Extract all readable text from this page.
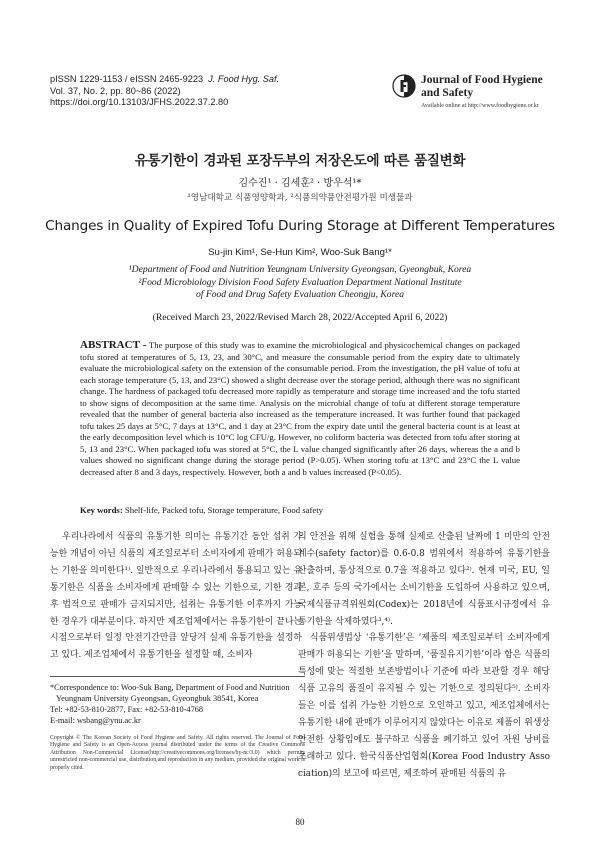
pISSN 1229-1153 / eISSN 2465-9223 J. Food Hyg. Saf.
Vol. 37, No. 2, pp. 80~86 (2022)
https://doi.org/10.13103/JFHS.2022.37.2.80
Journal of Food Hygiene
and Safety
Available online at http://www.foodhygiene.or.kr
유통기한이 경과된 포장두부의 저장온도에 따른 품질변화
김수진¹ · 김세훈² · 방우석¹*
¹영남대학교 식품영양학과, ²식품의약품안전평가원 미생물과
Changes in Quality of Expired Tofu During Storage at Different Temperatures
Su-jin Kim¹, Se-Hun Kim², Woo-Suk Bang¹*
¹Department of Food and Nutrition Yeungnam University Gyeongsan, Gyeongbuk, Korea
²Food Microbiology Division Food Safety Evaluation Department National Institute
of Food and Drug Safety Evaluation Cheongju, Korea
(Received March 23, 2022/Revised March 28, 2022/Accepted April 6, 2022)
ABSTRACT - The purpose of this study was to examine the microbiological and physicochemical changes on packaged tofu stored at temperatures of 5, 13, 23, and 30°C, and measure the consumable period from the expiry date to ultimately evaluate the microbiological safety on the extension of the consumable period. From the investigation, the pH value of tofu at each storage temperature (5, 13, and 23°C) showed a slight decrease over the storage period, although there was no significant change. The hardness of packaged tofu decreased more rapidly as temperature and storage time increased and the tofu started to show signs of decomposition at the same time. Analysis on the microbial change of tofu at different storage temperature revealed that the number of general bacteria also increased as the temperature increased. It was further found that packaged tofu takes 25 days at 5°C, 7 days at 13°C, and 1 day at 23°C from the expiry date until the general bacteria count is at least at the early decomposition level which is 10°C log CFU/g. However, no coliform bacteria was detected from tofu after storing at 5, 13 and 23°C. When packaged tofu was stored at 5°C, the L value changed significantly after 26 days, whereas the a and b values showed no significant change during the storage period (P>0.05). When storing tofu at 13°C and 23°C the L value decreased after 8 and 3 days, respectively. However, both a and b values increased (P<0.05).
Key words: Shelf-life, Packed tofu, Storage temperature, Food safety

우리나라에서 식품의 유통기한 의미는 유통기간 동안 섭취 가능한 개념이 아닌 식품의 제조일로부터 소비자에게 판매가 허용되는 기한을 의미한다¹⁾. 일반적으로 우리나라에서 통용되고 있는 유통기한은 식품을 소비자에게 판매할 수 있는 기한으로, 기한 경과 후 법적으로 판매가 금지되지만, 섭취는 유통기한 이후까지 가능한 경우가 대부분이다. 하지만 제조업체에서는 유통기한이 끝나는 시점으로부터 일정 안전기간만큼 앞당겨 실제 유통기한을 설정하고 있다. 제조업체에서 유통기한을 설정할 때, 소비자

의 안전을 위해 실험을 통해 실제로 산출된 날짜에 1 미만의 안전계수(safety factor)를 0.6-0.8 범위에서 적용하여 유통기한을 산출하며, 통상적으로 0.7을 적용하고 있다²⁾. 현재 미국, EU, 일본, 호주 등의 국가에서는 소비기한을 도입하여 사용하고 있으며, 국제식품규격위원회(Codex)는 2018년에 식품표시규정에서 유통기한을 삭제하였다³,⁴⁾.

식품위생법상 ‘유통기한’은 ‘제품의 제조일로부터 소비자에게 판매가 허용되는 기한’을 말하며, ‘품질유지기한’이라 함은 식품의 특성에 맞는 적절한 보존방법이나 기준에 따라 보관할 경우 해당식품 고유의 품질이 유지될 수 있는 기한으로 정의된다⁵⁾. 소비자들은 이를 섭취 가능한 기한으로 오인하고 있고, 제조업체에서는 유통기한 내에 판매가 이루어지지 않았다는 이유로 제품이 위생상 안전한 상황임에도 불구하고 식품을 폐기하고 있어 자원 낭비를 초래하고 있다. 한국식품산업협회(Korea Food Industry Association)의 보고에 따르면, 제조하여 판매된 식품의 유

*Correspondence to: Woo-Suk Bang, Department of Food and Nutrition
Yeungnam University Gyeongsan, Gyeongbuk 38541, Korea
Tel: +82-53-810-2877, Fax: +82-53-810-4768
E-mail: wsbang@ynu.ac.kr
Copyright © The Korean Society of Food Hygiene and Safety. All rights reserved. The Journal of Food Hygiene and Safety is an Open-Access journal distributed under the terms of the Creative Commons Attribution Non-Commercial License(http://creativecommons.org/licenses/by-nc/3.0) which permits unrestricted non-commercial use, distribution,and reproduction in any medium, provided the original work is properly cited.
80
